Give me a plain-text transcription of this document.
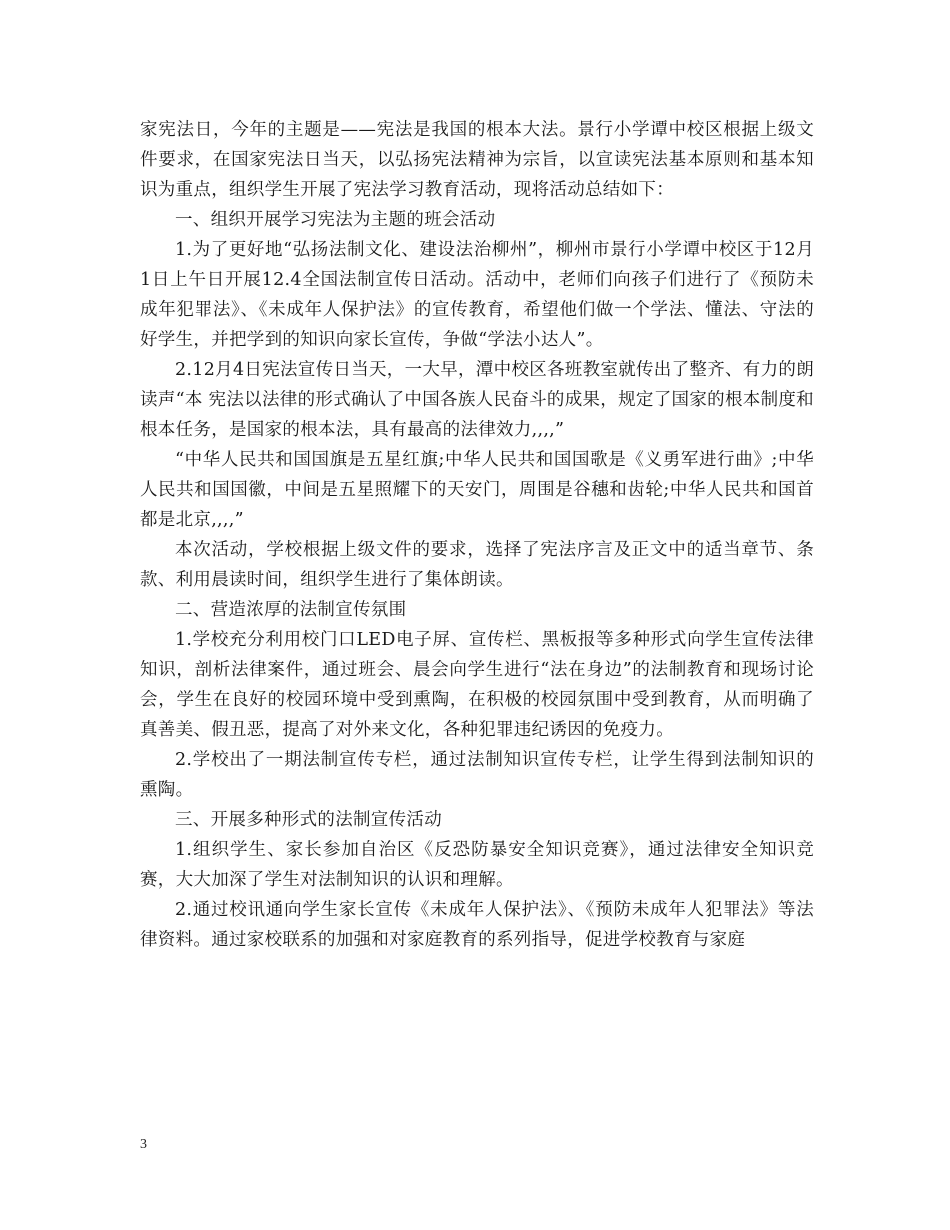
家宪法日，今年的主题是——宪法是我国的根本大法。景行小学谭中校区根据上级文件要求，在国家宪法日当天，以弘扬宪法精神为宗旨，以宣读宪法基本原则和基本知识为重点，组织学生开展了宪法学习教育活动，现将活动总结如下：

一、组织开展学习宪法为主题的班会活动

1.为了更好地“弘扬法制文化、建设法治柳州”，柳州市景行小学谭中校区于12月1日上午日开展12.4全国法制宣传日活动。活动中，老师们向孩子们进行了《预防未成年犯罪法》、《未成年人保护法》的宣传教育，希望他们做一个学法、懂法、守法的好学生，并把学到的知识向家长宣传，争做“学法小达人”。

2.12月4日宪法宣传日当天，一大早，潭中校区各班教室就传出了整齐、有力的朗读声“本 宪法以法律的形式确认了中国各族人民奋斗的成果，规定了国家的根本制度和根本任务，是国家的根本法，具有最高的法律效力,,,,”

“中华人民共和国国旗是五星红旗;中华人民共和国国歌是《义勇军进行曲》;中华人民共和国国徽，中间是五星照耀下的天安门，周围是谷穗和齿轮;中华人民共和国首都是北京,,,,”

本次活动，学校根据上级文件的要求，选择了宪法序言及正文中的适当章节、条款、利用晨读时间，组织学生进行了集体朗读。

二、营造浓厚的法制宣传氛围

1.学校充分利用校门口LED电子屏、宣传栏、黑板报等多种形式向学生宣传法律知识，剖析法律案件，通过班会、晨会向学生进行“法在身边”的法制教育和现场讨论会，学生在良好的校园环境中受到熏陶，在积极的校园氛围中受到教育，从而明确了真善美、假丑恶，提高了对外来文化，各种犯罪违纪诱因的免疫力。

2.学校出了一期法制宣传专栏，通过法制知识宣传专栏，让学生得到法制知识的熏陶。

三、开展多种形式的法制宣传活动

1.组织学生、家长参加自治区《反恐防暴安全知识竞赛》，通过法律安全知识竞赛，大大加深了学生对法制知识的认识和理解。

2.通过校讯通向学生家长宣传《未成年人保护法》、《预防未成年人犯罪法》等法律资料。通过家校联系的加强和对家庭教育的系列指导，促进学校教育与家庭

3
